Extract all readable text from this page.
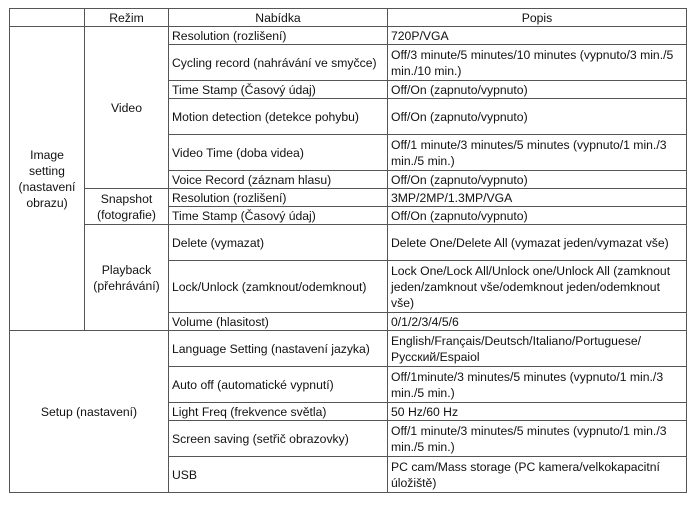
	Režim	Nabídka	Popis
Image setting (nastavení obrazu)	Video	Resolution (rozlišení)	720P/VGA
		Cycling record (nahrávání ve smyčce)	Off/3 minute/5 minutes/10 minutes (vypnuto/3 min./5 min./10 min.)
		Time Stamp (Časový údaj)	Off/On (zapnuto/vypnuto)
		Motion detection (detekce pohybu)	Off/On (zapnuto/vypnuto)
		Video Time (doba videa)	Off/1 minute/3 minutes/5 minutes (vypnuto/1 min./3 min./5 min.)
		Voice Record (záznam hlasu)	Off/On (zapnuto/vypnuto)
	Snapshot (fotografie)	Resolution (rozlišení)	3MP/2MP/1.3MP/VGA
		Time Stamp (Časový údaj)	Off/On (zapnuto/vypnuto)
	Playback (přehrávání)	Delete (vymazat)	Delete One/Delete All (vymazat jeden/vymazat vše)
		Lock/Unlock (zamknout/odemknout)	Lock One/Lock All/Unlock one/Unlock All (zamknout jeden/zamknout vše/odemknout jeden/odemknout vše)
		Volume (hlasitost)	0/1/2/3/4/5/6
Setup (nastavení)		Language Setting (nastavení jazyka)	English/Français/Deutsch/Italiano/Portuguese/ Русский/Espaiol
		Auto off (automatické vypnutí)	Off/1minute/3 minutes/5 minutes (vypnuto/1 min./3 min./5 min.)
		Light Freq (frekvence světla)	50 Hz/60 Hz
		Screen saving (setřič obrazovky)	Off/1 minute/3 minutes/5 minutes (vypnuto/1 min./3 min./5 min.)
		USB	PC cam/Mass storage (PC kamera/velkokapacitní úložiště)
